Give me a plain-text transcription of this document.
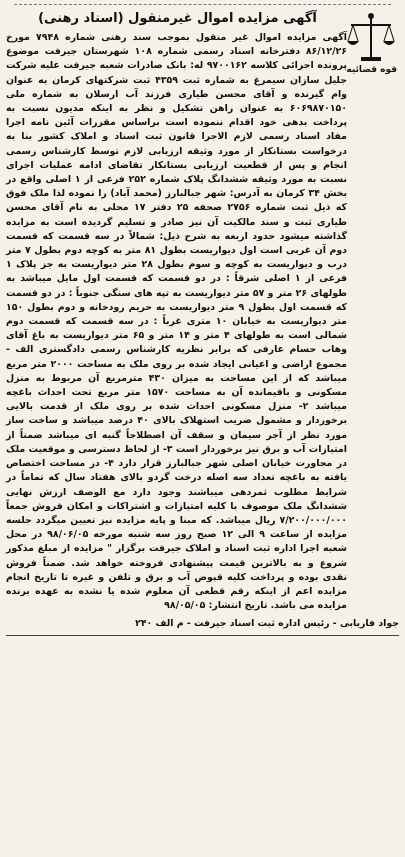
قوه قضائیه
آگهی مزایده اموال غیرمنقول (اسناد رهنی)
آگهی مزایده اموال غیر منقول بموجب سند رهنی شماره ۷۹۴۸ مورخ ۸۶/۱۲/۲۶ دفترخانه اسناد رسمی شماره ۱۰۸ شهرستان جیرفت موضوع پرونده اجرائی کلاسه ۹۷۰۰۱۶۲ له: بانک صادرات شعبه جیرفت علیه شرکت جلیل سازان سیمرغ به شماره ثبت ۴۳۵۹ ثبت شرکتهای کرمان به عنوان وام گیرنده و آقای محسن طیاری فرزند آب ارسلان به شماره ملی ۶۰۶۹۸۷۰۱۵۰ به عنوان راهن تشکیل و نظر به اینکه مدیون نسبت به پرداخت بدهی خود اقدام ننموده است براساس مقررات آئین نامه اجرا مفاد اسناد رسمی لازم الاجرا قانون ثبت اسناد و املاک کشور بنا به درخواست بستانکار از مورد وثیقه ارزیابی لازم توسط کارشناس رسمی انجام و پس از قطعیت ارزیابی بستانکار تقاضای ادامه عملیات اجرای نسبت به مورد وثیقه ششدانگ پلاک شماره ۲۵۲ فرعی از ۱ اصلی واقع در بخش ۳۴ کرمان به آدرس: شهر جبالبارز (محمد آباد) را نموده لذا ملک فوق که ذیل ثبت شماره ۲۷۵۶ صحفه ۲۵ دفتر ۱۷ محلی به نام آقای محسن طیاری ثبت و سند مالکیت آن نیز صادر و تسلیم گردیده است به مزایده گذاشته میشود حدود اربعه به شرح ذیل: شمالاً در سه قسمت که قسمت دوم آن غربی است اول دیواریست بطول ۸۱ متر به کوچه دوم بطول ۷ متر درب و دیواریست به کوچه و سوم بطول ۲۸ متر دیواریست به جز پلاک ۱ فرعی از ۱ اصلی شرقاً : در دو قسمت که قسمت اول مایل میباشد به طولهای ۲۶ متر و ۵۷ متر دیواریست به تپه های سنگی جنوباً : در دو قسمت که قسمت اول بطول ۹ متر دیواریست به حریم رودخانه و دوم بطول ۱۵۰ متر دیواریست به خیابان ۱۰ متری غرباً : در سه قسمت که قسمت دوم شمالی است به طولهای ۴ متر و ۱۴ متر و ۶۵ متر دیواریست به باغ آقای وهاب حسام عارفی که برابر نظریه کارشناس رسمی دادگستری الف - مجموع اراضی و اعیانی ایجاد شده بر روی ملک به مساحت ۲۰۰۰ متر مربع میباشد که از این مساحت به میزان ۴۳۰ مترمربع آن مربوط به منزل مسکونی و باقیمانده آن به مساحت ۱۵۷۰ متر مربع تحت احداث باغچه میباشد ۲- منزل مسکونی احداث شده بر روی ملک از قدمت بالایی برخوردار و مشمول ضریب استهلاک بالای ۴۰ درصد میباشد و ساخت ساز مورد نظر از آجر سیمان و سقف آن اصطلاحاً گنبه ای میباشد ضمناً از امتیازات آب و برق نیز برخوردار است ۳- از لحاظ دسترسی و موقعیت ملک در مجاورت خیابان اصلی شهر جبالبارز قرار دارد ۴- در مساحت اختصاص یافته به باغچه تعداد سه اصله درخت گردو بالای هفتاد سال که تماماً در شرایط مطلوب ثمردهی میباشند وجود دارد مع الوصف ارزش نهایی ششدانگ ملک موصوف با کلیه امتیازات و اشتراکات و امکان فروش جمعاً ۷/۲۰۰/۰۰۰/۰۰۰ ریال میباشد. که مبنا و پایه مزایده نیز تعیین میگردد جلسه مزایده از ساعت ۹ الی ۱۲ صبح روز سه شنبه مورخه ۹۸/۰۶/۰۵ در محل شعبه اجرا اداره ثبت اسناد و املاک جیرفت برگزار " مزایده از مبلغ مذکور شروع و به بالاترین قیمت پیشنهادی فروخته خواهد شد. ضمناً فروش نقدی بوده و پرداخت کلیه قبوض آب و برق و تلفن و غیره تا تاریخ انجام مزایده اعم از اینکه رقم قطعی آن معلوم شده یا نشده به عهده برنده مزایده می باشد. تاریخ انتشار: ۹۸/۰۵/۰۵
جواد فاریابی - رئیس اداره ثبت اسناد جیرفت - م الف ۲۴۰
